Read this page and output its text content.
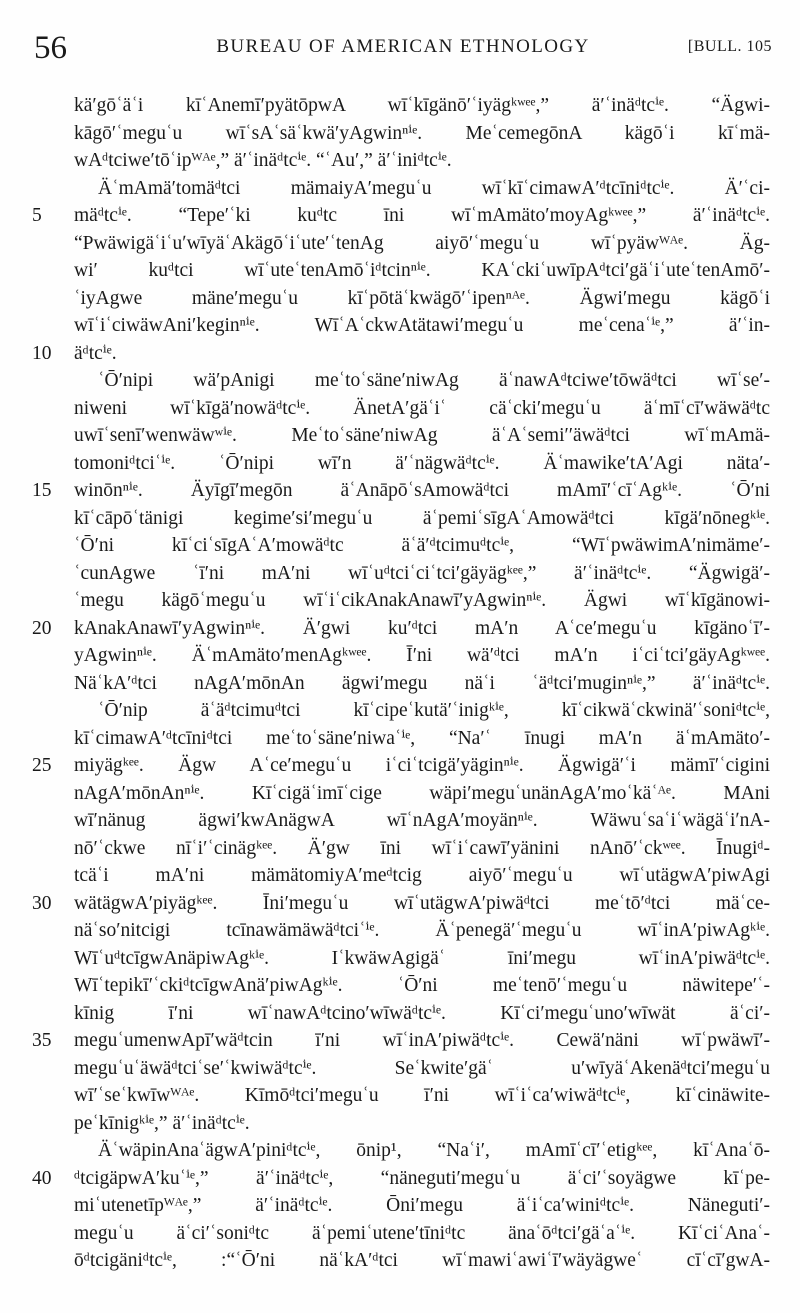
56	BUREAU OF AMERICAN ETHNOLOGY	[BULL. 105
kä′gōʿäʿi kīʿAnemī′pyätōpwA wīʿkīgänō′ʿiyägᵏʷᵉᵉ,” ä′ʿinäᵈtcⁱᵉ. “Ägwi-
kāgō′ʿmeguʿu wīʿsAʿsäʿkwä′yAgwinⁿⁱᵉ. MeʿcemegōnA kägōʿi kīʿmä-
wAᵈtciwe′tōʿipᵂᴬᵉ,” ä′ʿinäᵈtcⁱᵉ. “ʿAu′,” ä′ʿiniᵈtcⁱᵉ.
ÄʿmAmä′tomäᵈtci mämaiyA′meguʿu wīʿkīʿcimawA′ᵈtcīniᵈtcⁱᵉ. Ä′ʿci-
5	mäᵈtcⁱᵉ. “Tepe′ʿki kuᵈtc īni wīʿmAmäto′moyAgᵏʷᵉᵉ,” ä′ʿinäᵈtcⁱᵉ.
“PwäwigäʿiʿuʹwīyäʿAkägōʿiʿute′ʿtenAg aiyō′ʿmeguʿu wīʿpyäwᵂᴬᵉ. Äg-
wi′ kuᵈtci wīʿuteʿtenAmōʿiᵈtcinⁿⁱᵉ. KAʿckiʿuwīpAᵈtci′gäʿiʿuteʿtenAmō′-
ʿiyAgwe mäne′meguʿu kīʿpōtäʿkwägō′ʿipenⁿᴬᵉ. Ägwi′megu kägōʿi
wīʿiʿciwäwAni′keginⁿⁱᵉ. WīʿAʿckwAtätawi′meguʿu meʿcenaʿⁱᵉ,” ä′ʿin-
10	äᵈtcⁱᵉ.
ʿŌ′nipi wä′pAnigi meʿtoʿsäne′niwAg äʿnawAᵈtciwe′tōwäᵈtci wīʿse′-
niweni wīʿkīgä′nowäᵈtcⁱᵉ. ÄnetA′gäʿiʿ cäʿcki′meguʿu äʿmīʿcī′wäwäᵈtc
uwīʿsenī′wenwäwʷⁱᵉ. Meʿtoʿsäne′niwAg äʿAʿsemi′′äwäᵈtci wīʿmAmä-
tomoniᵈtciʿⁱᵉ. ʿŌ′nipi wī′n ä′ʿnägwäᵈtcⁱᵉ. Äʿmawike′tA′Agi näta′-
15	winōnⁿⁱᵉ. Äyīgī′megōn äʿAnāpōʿsAmowäᵈtci mAmī′ʿcīʿAgᵏⁱᵉ. ʿŌ′ni
kīʿcāpōʿtänigi kegime′si′meguʿu äʿpemiʿsīgAʿAmowäᵈtci kīgä′nōnegᵏⁱᵉ.
ʿŌ′ni kīʿciʿsīgAʿA′mowäᵈtc äʿä′ᵈtcimuᵈtcⁱᵉ, “WīʿpwäwimA′nimäme′-
ʿcunAgwe ʿī′ni mA′ni wīʿuᵈtciʿciʿtci′gäyägᵏᵉᵉ,” ä′ʿinäᵈtcⁱᵉ. “Ägwigä′-
ʿmegu kägōʿmeguʿu wīʿiʿcikAnakAnawī′yAgwinⁿⁱᵉ. Ägwi wīʿkīgänowi-
20	kAnakAnawī′yAgwinⁿⁱᵉ. Ä′gwi ku′ᵈtci mA′n Aʿce′meguʿu kīgänoʿī′-
yAgwinⁿⁱᵉ. ÄʿmAmäto′menAgᵏʷᵉᵉ. Ī′ni wä′ᵈtci mA′n iʿciʿtci′gäyAgᵏʷᵉᵉ.
NäʿkA′ᵈtci nAgA′mōnAn ägwi′megu näʿi ʿäᵈtci′muginⁿⁱᵉ,” ä′ʿinäᵈtcⁱᵉ.
ʿŌ′nip äʿäᵈtcimuᵈtci kīʿcipeʿkutä′ʿinigᵏⁱᵉ, kīʿcikwäʿckwinä′ʿsoniᵈtcⁱᵉ,
kīʿcimawA′ᵈtcīniᵈtci meʿtoʿsäne′niwaʿⁱᵉ, “Na′ʿ īnugi mA′n äʿmAmäto′-
25	miyägᵏᵉᵉ. Ägw Aʿce′meguʿu iʿciʿtcigä′yäginⁿⁱᵉ. Ägwigä′ʿi mämī′ʿcigini
nAgA′mōnAnⁿⁱᵉ. Kīʿcigäʿimīʿcige wäpi′meguʿunänAgA′moʿkäʿᴬᵉ. MAni
wī′nänug ägwi′kwAnägwA wīʿnAgA′moyänⁿⁱᵉ. WäwuʿsaʿiʿwägäʿiʹnA-
nō′ʿckwe nīʿi′ʿcinägᵏᵉᵉ. Ä′gw īni wīʿiʿcawī′yänini nAnō′ʿckʷᵉᵉ. Īnugiᵈ-
tcäʿi mA′ni mämätomiyA′meᵈtcig aiyō′ʿmeguʿu wīʿutägwA′piwAgi
30	wätägwA′piyägᵏᵉᵉ. Īni′meguʿu wīʿutägwA′piwäᵈtci meʿtō′ᵈtci mäʿce-
näʿso′nitcigi tcīnawämäwäᵈtciʿⁱᵉ. Äʿpenegä′ʿmeguʿu wīʿinA′piwAgᵏⁱᵉ.
WīʿuᵈtcīgwAnäpiwAgᵏⁱᵉ. IʿkwäwAgigäʿ īni′megu wīʿinA′piwäᵈtcⁱᵉ.
Wīʿtepikī′ʿckiᵈtcīgwAnä′piwAgᵏⁱᵉ. ʿŌ′ni meʿtenō′ʿmeguʿu näwitepe′ʿ-
kīnig ī′ni wīʿnawAᵈtcino′wīwäᵈtcⁱᵉ. Kīʿci′meguʿuno′wīwät äʿci′-
35	meguʿumenwApī′wäᵈtcin ī′ni wīʿinA′piwäᵈtcⁱᵉ. Cewä′näni wīʿpwäwī′-
meguʿuʿäwäᵈtciʿse′ʿkwiwäᵈtcⁱᵉ. Seʿkwite′gäʿ u′wīyäʿAkenäᵈtci′meguʿu
wī′ʿseʿkwīwᵂᴬᵉ. Kīmōᵈtci′meguʿu ī′ni wīʿiʿca′wiwäᵈtcⁱᵉ, kīʿcinäwite-
peʿkīnigᵏⁱᵉ,” ä′ʿinäᵈtcⁱᵉ.
ÄʿwäpinAnaʿägwA′piniᵈtcⁱᵉ, ōnip¹, “Naʿi′, mAmīʿcī′ʿetigᵏᵉᵉ, kīʿAnaʿō-
40	ᵈtcigäpwA′kuʿⁱᵉ,” ä′ʿinäᵈtcⁱᵉ, “näneguti′meguʿu äʿci′ʿsoyägwe kīʿpe-
miʿutenetīpᵂᴬᵉ,” ä′ʿinäᵈtcⁱᵉ. Ōni′megu äʿiʿca′winiᵈtcⁱᵉ. Näneguti′-
meguʿu äʿci′ʿsoniᵈtc äʿpemiʿutene′tīniᵈtc änaʿōᵈtci′gäʿaʿⁱᵉ. KīʿciʿAnaʿ-
ōᵈtcigäniᵈtcⁱᵉ, :“ʿŌ′ni näʿkA′ᵈtci wīʿmawiʿawiʿī′wäyägweʿ cīʿcī′gwA-
